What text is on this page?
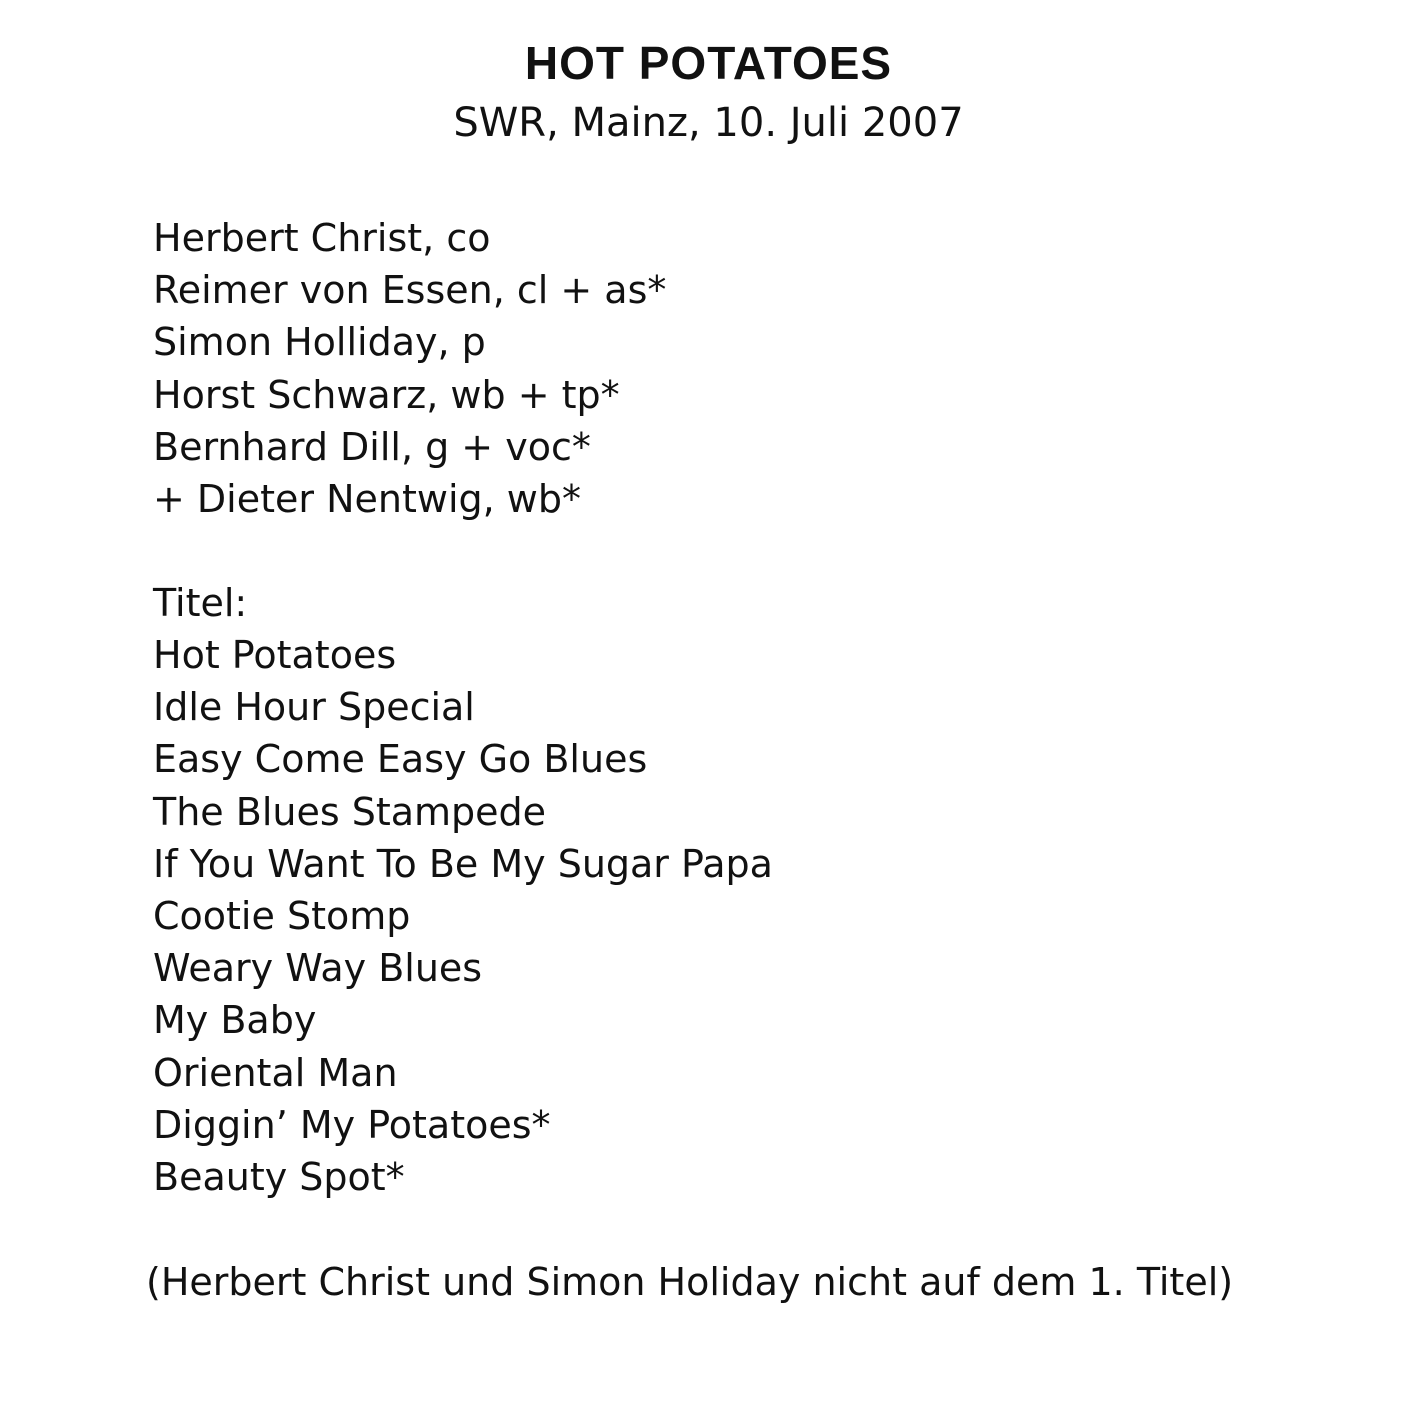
HOT POTATOES
SWR, Mainz, 10. Juli 2007
Herbert Christ, co
Reimer von Essen, cl + as*
Simon Holliday, p
Horst Schwarz, wb + tp*
Bernhard Dill, g + voc*
+ Dieter Nentwig, wb*
Titel:
Hot Potatoes
Idle Hour Special
Easy Come Easy Go Blues
The Blues Stampede
If You Want To Be My Sugar Papa
Cootie Stomp
Weary Way Blues
My Baby
Oriental Man
Diggin’ My Potatoes*
Beauty Spot*
(Herbert Christ und Simon Holiday nicht auf dem 1. Titel)
